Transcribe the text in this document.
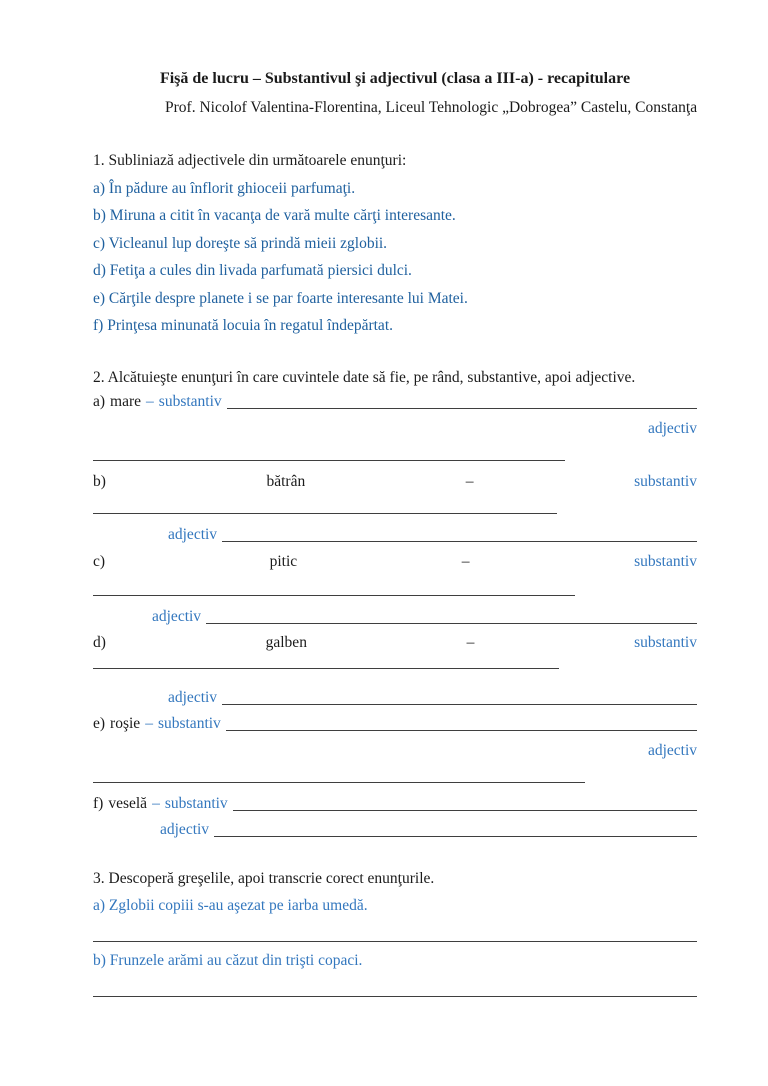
Fişă de lucru – Substantivul şi adjectivul (clasa a III-a) - recapitulare
Prof. Nicolof Valentina-Florentina, Liceul Tehnologic „Dobrogea” Castelu, Constanţa
1. Subliniază adjectivele din următoarele enunţuri:
a) În pădure au înflorit ghioceii parfumaţi.
b) Miruna a citit în vacanţa de vară multe cărţi interesante.
c) Vicleanul lup doreşte să prindă mieii zglobii.
d) Fetiţa a cules din livada parfumată piersici dulci.
e) Cărţile despre planete i se par foarte interesante lui Matei.
f) Prinţesa minunată locuia în regatul îndepărtat.
2. Alcătuieşte enunţuri în care cuvintele date să fie, pe rând, substantive, apoi adjective.
a) mare – substantiv
adjectiv
b)	bătrân	–	substantiv
adjectiv
c)	pitic	–	substantiv
adjectiv
d)	galben	–	substantiv
adjectiv
e) roşie – substantiv
adjectiv
f) veselă – substantiv
adjectiv
3. Descoperă greşelile, apoi transcrie corect enunţurile.
a) Zglobii copiii s-au aşezat pe iarba umedă.
b) Frunzele arămi au căzut din trişti copaci.
